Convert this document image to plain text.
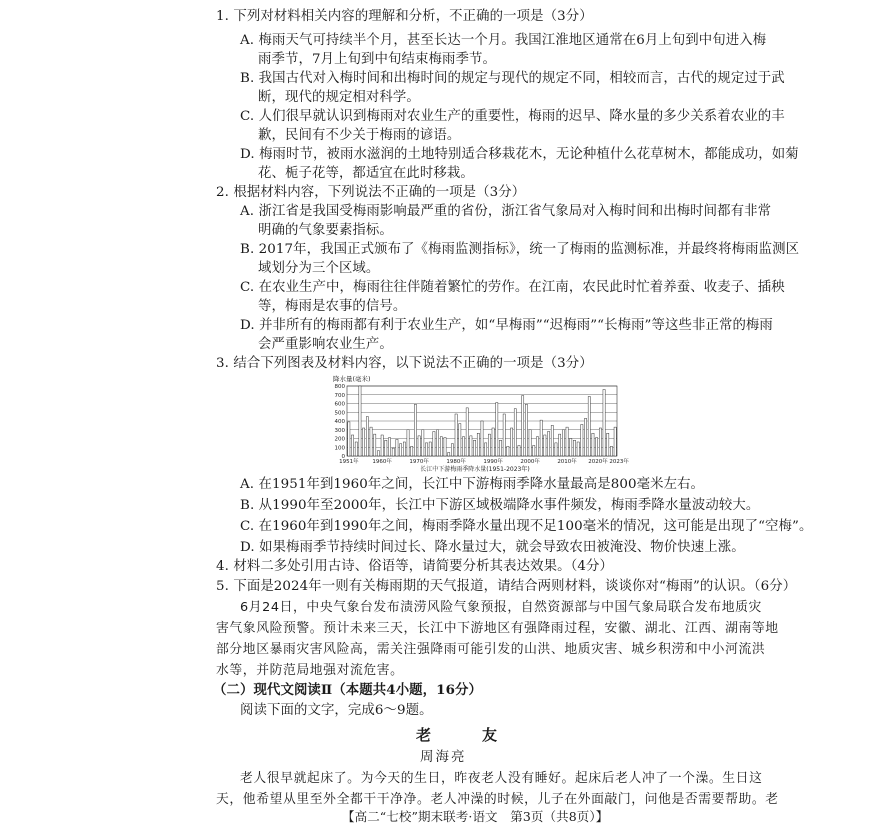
1. 下列对材料相关内容的理解和分析，不正确的一项是（3分）
A. 梅雨天气可持续半个月，甚至长达一个月。我国江淮地区通常在6月上旬到中旬进入梅
雨季节，7月上旬到中旬结束梅雨季节。
B. 我国古代对入梅时间和出梅时间的规定与现代的规定不同，相较而言，古代的规定过于武
断，现代的规定相对科学。
C. 人们很早就认识到梅雨对农业生产的重要性，梅雨的迟早、降水量的多少关系着农业的丰
歉，民间有不少关于梅雨的谚语。
D. 梅雨时节，被雨水滋润的土地特别适合移栽花木，无论种植什么花草树木，都能成功，如菊
花、栀子花等，都适宜在此时移栽。
2. 根据材料内容，下列说法不正确的一项是（3分）
A. 浙江省是我国受梅雨影响最严重的省份，浙江省气象局对入梅时间和出梅时间都有非常
明确的气象要素指标。
B. 2017年，我国正式颁布了《梅雨监测指标》，统一了梅雨的监测标准，并最终将梅雨监测区
域划分为三个区域。
C. 在农业生产中，梅雨往往伴随着繁忙的劳作。在江南，农民此时忙着养蚕、收麦子、插秧
等，梅雨是农事的信号。
D. 并非所有的梅雨都有利于农业生产，如“早梅雨”“迟梅雨”“长梅雨”等这些非正常的梅雨
会严重影响农业生产。
3. 结合下列图表及材料内容，以下说法不正确的一项是（3分）
降水量(毫米)
0
100
200
300
400
500
600
700
800
1951年	1960年	1970年	1980年	1990年	2000年	2010年 2020年 2023年
长江中下游梅雨季降水量(1951-2023年)
A. 在1951年到1960年之间，长江中下游梅雨季降水量最高是800毫米左右。
B. 从1990年至2000年，长江中下游区域极端降水事件频发，梅雨季降水量波动较大。
C. 在1960年到1990年之间，梅雨季降水量出现不足100毫米的情况，这可能是出现了“空梅”。
D. 如果梅雨季节持续时间过长、降水量过大，就会导致农田被淹没、物价快速上涨。
4. 材料二多处引用古诗、俗语等，请简要分析其表达效果。（4分）
5. 下面是2024年一则有关梅雨期的天气报道，请结合两则材料，谈谈你对“梅雨”的认识。（6分）
6月24日，中央气象台发布渍涝风险气象预报，自然资源部与中国气象局联合发布地质灾
害气象风险预警。预计未来三天，长江中下游地区有强降雨过程，安徽、湖北、江西、湖南等地
部分地区暴雨灾害风险高，需关注强降雨可能引发的山洪、地质灾害、城乡积涝和中小河流洪
水等，并防范局地强对流危害。
（二）现代文阅读Ⅱ（本题共4小题，16分）
阅读下面的文字，完成6～9题。
老　友
周海亮
老人很早就起床了。为今天的生日，昨夜老人没有睡好。起床后老人冲了一个澡。生日这
天，他希望从里至外全都干干净净。老人冲澡的时候，儿子在外面敲门，问他是否需要帮助。老
【高二“七校”期末联考·语文　第3页（共8页）】
